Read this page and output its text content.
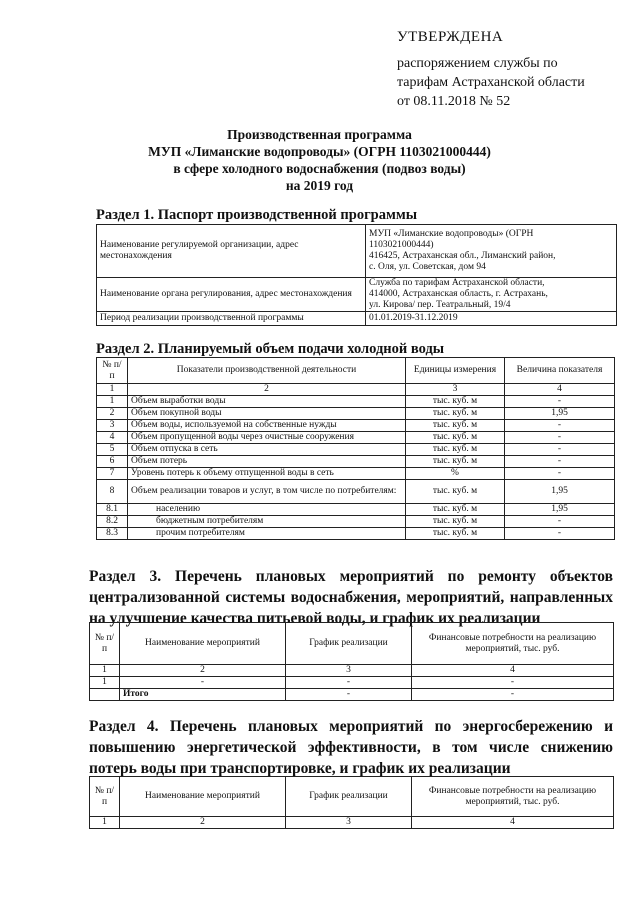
УТВЕРЖДЕНА
распоряжением службы по
тарифам Астраханской области
от 08.11.2018 № 52
Производственная программа
МУП «Лиманские водопроводы» (ОГРН 1103021000444)
в сфере холодного водоснабжения (подвоз воды)
на 2019 год
Раздел 1. Паспорт производственной программы
Наименование регулируемой организации, адрес местонахождения	МУП «Лиманские водопроводы» (ОГРН
1103021000444)
416425, Астраханская обл., Лиманский район,
с. Оля, ул. Советская, дом 94

Наименование органа регулирования, адрес местонахождения	Служба по тарифам Астраханской области,
414000, Астраханская область, г. Астрахань,
ул. Кирова/ пер. Театральный, 19/4

Период реализации производственной программы	01.01.2019-31.12.2019
Раздел 2. Планируемый объем подачи холодной воды
№ п/п	Показатели производственной деятельности	Единицы измерения	Величина показателя
1	2	3	4
1	Объем выработки воды	тыс. куб. м	-
2	Объем покупной воды	тыс. куб. м	1,95
3	Объем воды, используемой на собственные нужды	тыс. куб. м	-
4	Объем пропущенной воды через очистные сооружения	тыс. куб. м	-
5	Объем отпуска в сеть	тыс. куб. м	-
6	Объем потерь	тыс. куб. м	-
7	Уровень потерь к объему отпущенной воды в сеть	%	-
8	Объем реализации товаров и услуг, в том числе по потребителям:	тыс. куб. м	1,95
8.1	населению	тыс. куб. м	1,95
8.2	бюджетным потребителям	тыс. куб. м	-
8.3	прочим потребителям	тыс. куб. м	-
Раздел 3. Перечень плановых мероприятий по ремонту объектов централизованной системы водоснабжения, мероприятий, направленных на улучшение качества питьевой воды, и график их реализации
№ п/п	Наименование мероприятий	График реализации	Финансовые потребности на реализацию мероприятий, тыс. руб.
1	2	3	4
1	-	-	-
	Итого	-	-
Раздел 4. Перечень плановых мероприятий по энергосбережению и повышению энергетической эффективности, в том числе снижению потерь воды при транспортировке, и график их реализации
№ п/п	Наименование мероприятий	График реализации	Финансовые потребности на реализацию мероприятий, тыс. руб.
1	2	3	4
